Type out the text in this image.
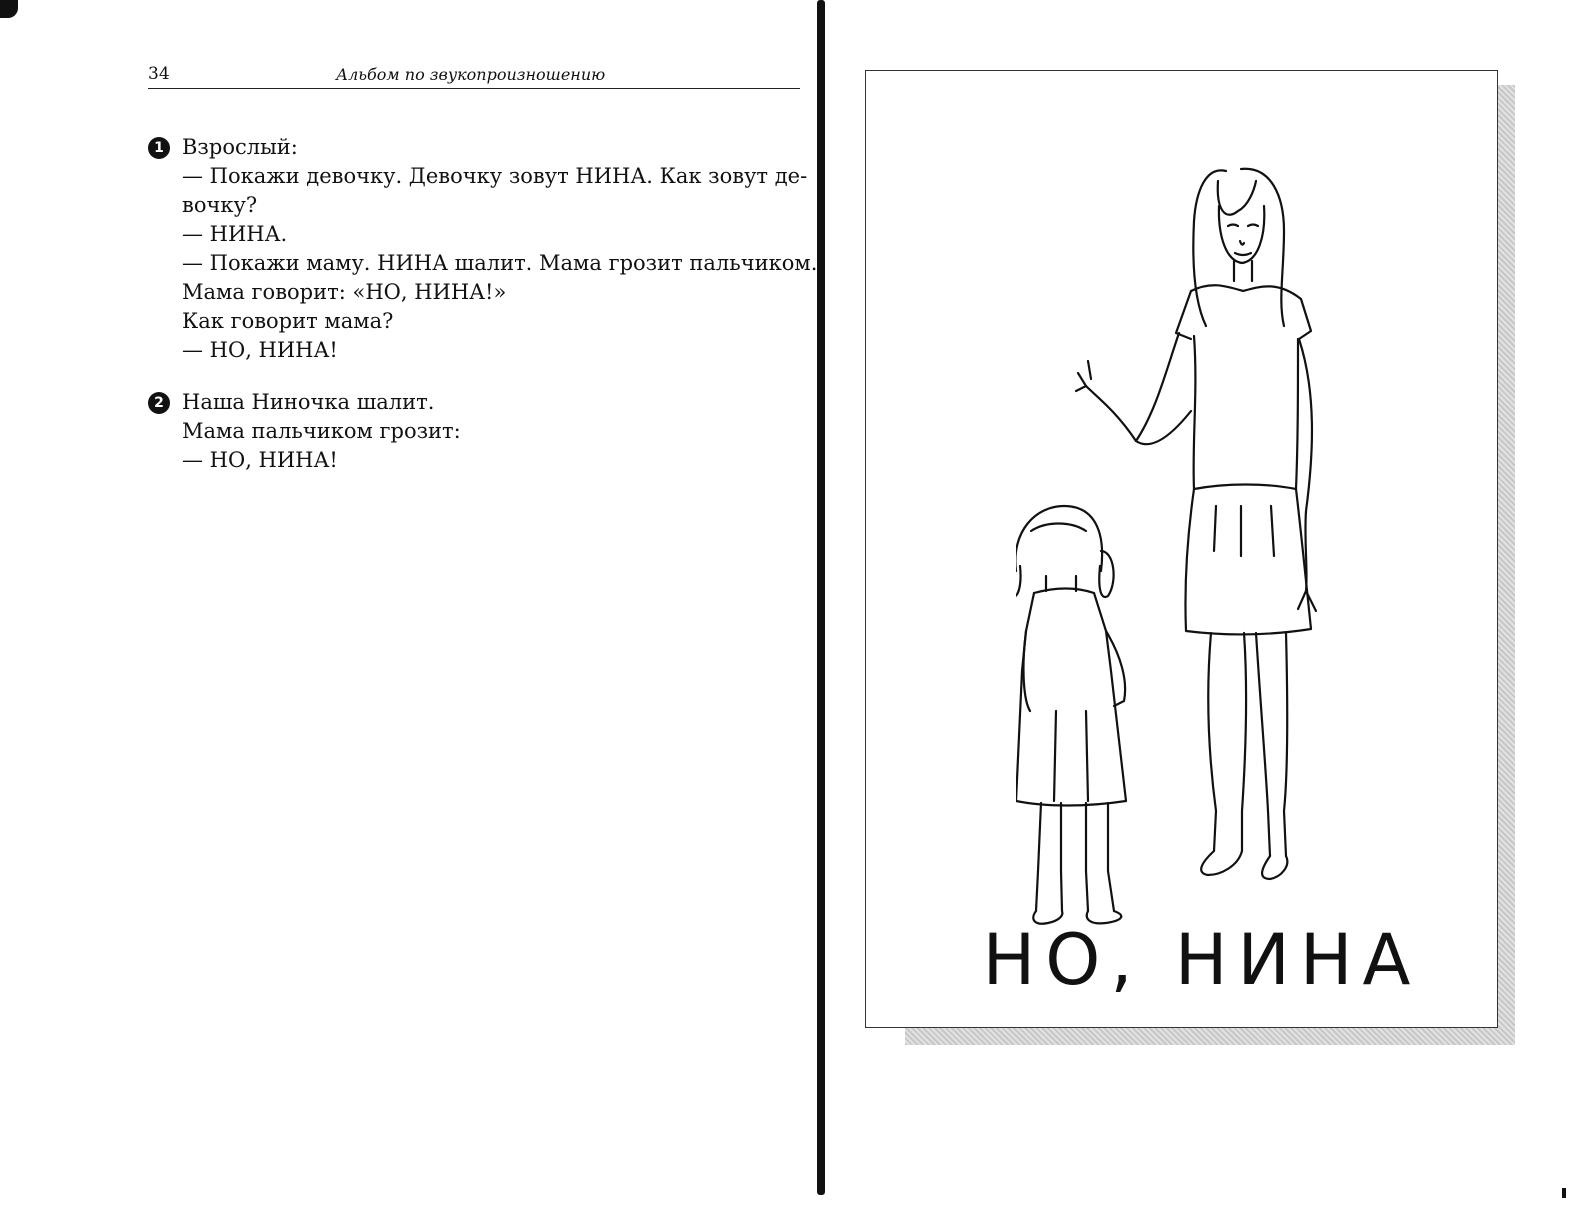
34	Альбом по звукопроизношению
1 Взрослый:
— Покажи девочку. Девочку зовут НИНА. Как зовут де-
вочку?
— НИНА.
— Покажи маму. НИНА шалит. Мама грозит пальчиком.
Мама говорит: «НО, НИНА!»
Как говорит мама?
— НО, НИНА!
2 Наша Ниночка шалит.
Мама пальчиком грозит:
— НО, НИНА!
НО, НИНА
